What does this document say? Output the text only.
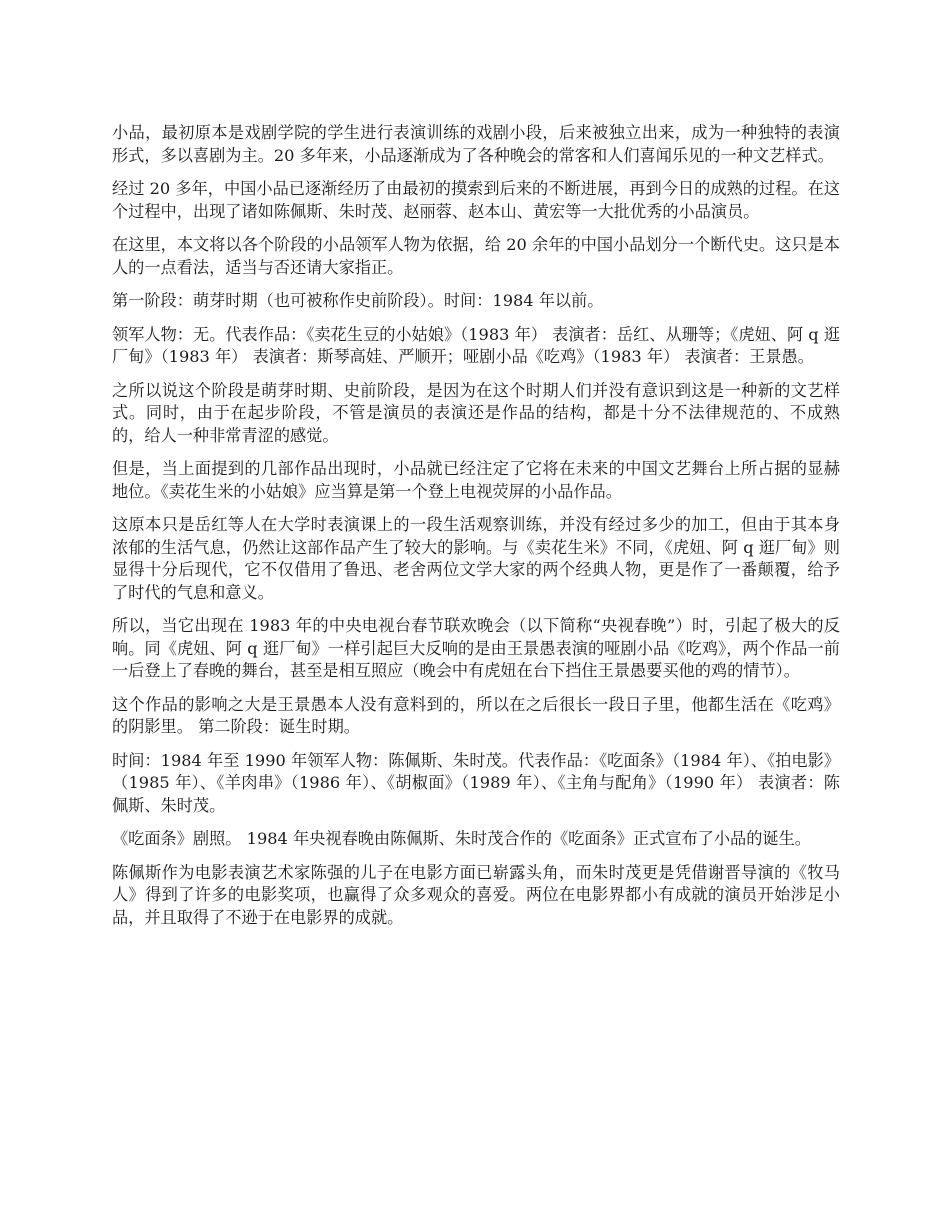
小品，最初原本是戏剧学院的学生进行表演训练的戏剧小段，后来被独立出来，成为一种独特的表演形式，多以喜剧为主。20 多年来，小品逐渐成为了各种晚会的常客和人们喜闻乐见的一种文艺样式。

经过 20 多年，中国小品已逐渐经历了由最初的摸索到后来的不断进展，再到今日的成熟的过程。在这个过程中，出现了诸如陈佩斯、朱时茂、赵丽蓉、赵本山、黄宏等一大批优秀的小品演员。

在这里，本文将以各个阶段的小品领军人物为依据，给 20 余年的中国小品划分一个断代史。这只是本人的一点看法，适当与否还请大家指正。

第一阶段：萌芽时期（也可被称作史前阶段）。时间：1984 年以前。

领军人物：无。代表作品：《卖花生豆的小姑娘》（1983 年） 表演者：岳红、从珊等；《虎妞、阿 q 逛厂甸》（1983 年） 表演者：斯琴高娃、严顺开；哑剧小品《吃鸡》（1983 年） 表演者：王景愚。

之所以说这个阶段是萌芽时期、史前阶段，是因为在这个时期人们并没有意识到这是一种新的文艺样式。同时，由于在起步阶段，不管是演员的表演还是作品的结构，都是十分不法律规范的、不成熟的，给人一种非常青涩的感觉。

但是，当上面提到的几部作品出现时，小品就已经注定了它将在未来的中国文艺舞台上所占据的显赫地位。《卖花生米的小姑娘》应当算是第一个登上电视荧屏的小品作品。

这原本只是岳红等人在大学时表演课上的一段生活观察训练，并没有经过多少的加工，但由于其本身浓郁的生活气息，仍然让这部作品产生了较大的影响。与《卖花生米》不同，《虎妞、阿 q 逛厂甸》则显得十分后现代，它不仅借用了鲁迅、老舍两位文学大家的两个经典人物，更是作了一番颠覆，给予了时代的气息和意义。

所以，当它出现在 1983 年的中央电视台春节联欢晚会（以下简称“央视春晚”）时，引起了极大的反响。同《虎妞、阿 q 逛厂甸》一样引起巨大反响的是由王景愚表演的哑剧小品《吃鸡》，两个作品一前一后登上了春晚的舞台，甚至是相互照应（晚会中有虎妞在台下挡住王景愚要买他的鸡的情节）。

这个作品的影响之大是王景愚本人没有意料到的，所以在之后很长一段日子里，他都生活在《吃鸡》的阴影里。 第二阶段：诞生时期。

时间：1984 年至 1990 年领军人物：陈佩斯、朱时茂。代表作品：《吃面条》（1984 年）、《拍电影》（1985 年）、《羊肉串》（1986 年）、《胡椒面》（1989 年）、《主角与配角》（1990 年） 表演者：陈佩斯、朱时茂。

《吃面条》剧照。 1984 年央视春晚由陈佩斯、朱时茂合作的《吃面条》正式宣布了小品的诞生。

陈佩斯作为电影表演艺术家陈强的儿子在电影方面已崭露头角，而朱时茂更是凭借谢晋导演的《牧马人》得到了许多的电影奖项，也赢得了众多观众的喜爱。两位在电影界都小有成就的演员开始涉足小品，并且取得了不逊于在电影界的成就。
